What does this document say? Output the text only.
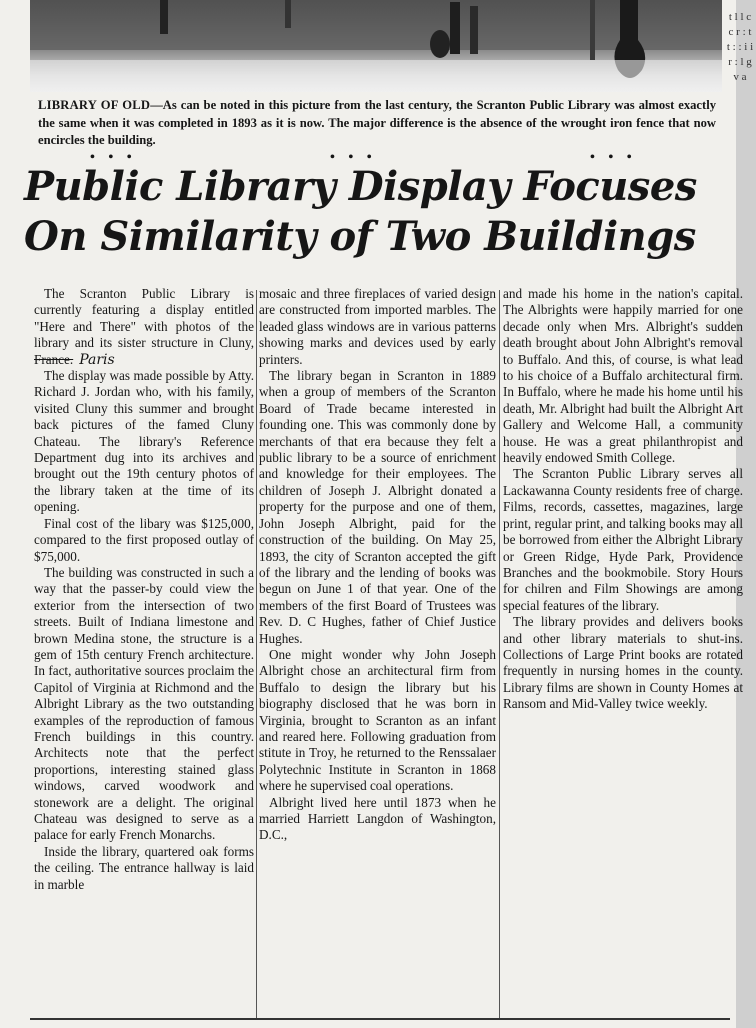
LIBRARY OF OLD—As can be noted in this picture from the last century, the Scranton Public Library was almost exactly the same when it was completed in 1893 as it is now. The major difference is the absence of the wrought iron fence that now encircles the building.
• • •	• • •	• • •
Public Library Display Focuses
On Similarity of Two Buildings

The Scranton Public Library is currently featuring a display entitled "Here and There" with photos of the library and its sister structure in Cluny, France. Paris

The display was made possible by Atty. Richard J. Jordan who, with his family, visited Cluny this summer and brought back pictures of the famed Cluny Chateau. The library's Reference Department dug into its archives and brought out the 19th century photos of the library taken at the time of its opening.

Final cost of the libary was $125,000, compared to the first proposed outlay of $75,000.

The building was constructed in such a way that the passer-by could view the exterior from the intersection of two streets. Built of Indiana limestone and brown Medina stone, the structure is a gem of 15th century French architecture. In fact, authoritative sources proclaim the Capitol of Virginia at Richmond and the Albright Library as the two outstanding examples of the reproduction of famous French buildings in this country. Architects note that the perfect proportions, interesting stained glass windows, carved woodwork and stonework are a delight. The original Chateau was designed to serve as a palace for early French Monarchs.

Inside the library, quartered oak forms the ceiling. The entrance hallway is laid in marble

mosaic and three fireplaces of varied design are constructed from imported marbles. The leaded glass windows are in various patterns showing marks and devices used by early printers.

The library began in Scranton in 1889 when a group of members of the Scranton Board of Trade became interested in founding one. This was commonly done by merchants of that era because they felt a public library to be a source of enrichment and knowledge for their employees. The children of Joseph J. Albright donated a property for the purpose and one of them, John Joseph Albright, paid for the construction of the building. On May 25, 1893, the city of Scranton accepted the gift of the library and the lending of books was begun on June 1 of that year. One of the members of the first Board of Trustees was Rev. D. C Hughes, father of Chief Justice Hughes.

One might wonder why John Joseph Albright chose an architectural firm from Buffalo to design the library but his biography disclosed that he was born in Virginia, brought to Scranton as an infant and reared here. Following graduation from stitute in Troy, he returned to the Renssalaer Polytechnic Institute in Scranton in 1868 where he supervised coal operations.

Albright lived here until 1873 when he married Harriett Langdon of Washington, D.C.,

and made his home in the nation's capital. The Albrights were happily married for one decade only when Mrs. Albright's sudden death brought about John Albright's removal to Buffalo. And this, of course, is what lead to his choice of a Buffalo architectural firm. In Buffalo, where he made his home until his death, Mr. Albright had built the Albright Art Gallery and Welcome Hall, a community house. He was a great philanthropist and heavily endowed Smith College.

The Scranton Public Library serves all Lackawanna County residents free of charge. Films, records, cassettes, magazines, large print, regular print, and talking books may all be borrowed from either the Albright Library or Green Ridge, Hyde Park, Providence Branches and the bookmobile. Story Hours for chilren and Film Showings are among special features of the library.

The library provides and delivers books and other library materials to shut-ins. Collections of Large Print books are rotated frequently in nursing homes in the county. Library films are shown in County Homes at Ransom and Mid-Valley twice weekly.

t l l c c r : t t : : i i r : l g v a
